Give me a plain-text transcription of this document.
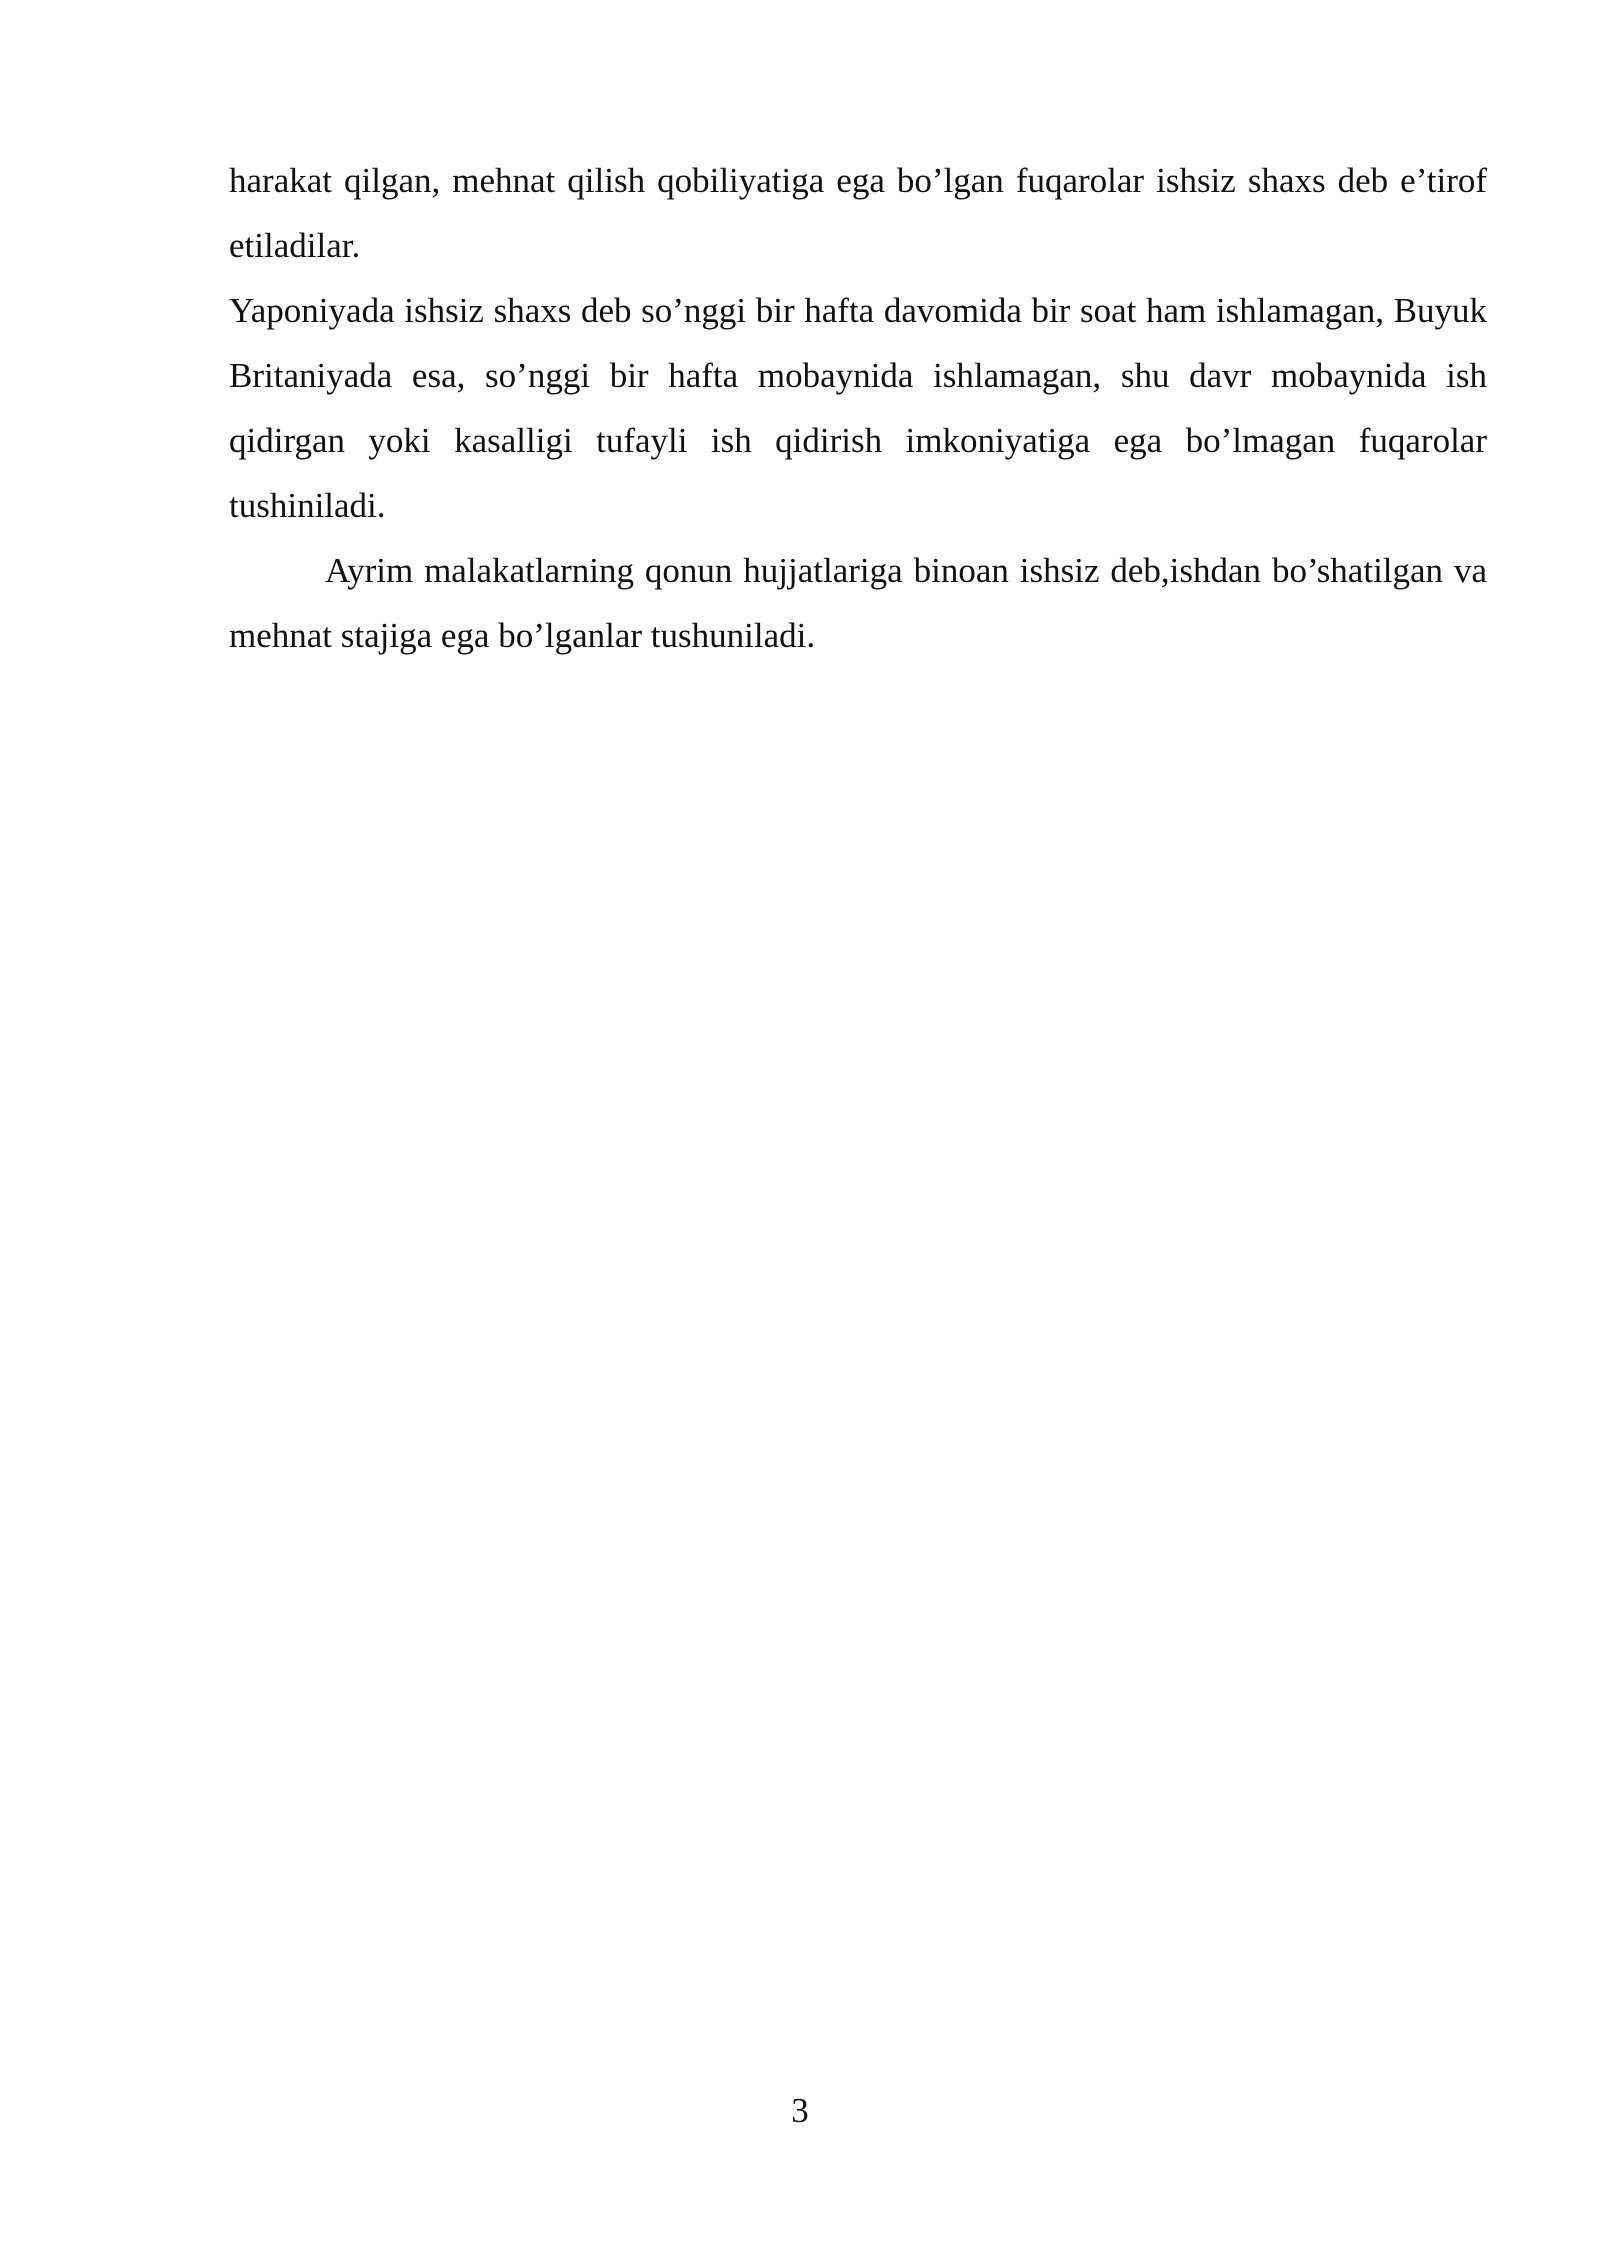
harakat qilgan, mehnat qilish qobiliyatiga ega bo’lgan fuqarolar ishsiz shaxs deb e’tirof etiladilar.

Yaponiyada ishsiz shaxs deb so’nggi bir hafta davomida bir soat ham ishlamagan, Buyuk Britaniyada esa, so’nggi bir hafta mobaynida ishlamagan, shu davr mobaynida ish qidirgan yoki kasalligi tufayli ish qidirish imkoniyatiga ega bo’lmagan fuqarolar tushiniladi.

Ayrim malakatlarning qonun hujjatlariga binoan ishsiz deb,ishdan bo’shatilgan va mehnat stajiga ega bo’lganlar tushuniladi.

3
